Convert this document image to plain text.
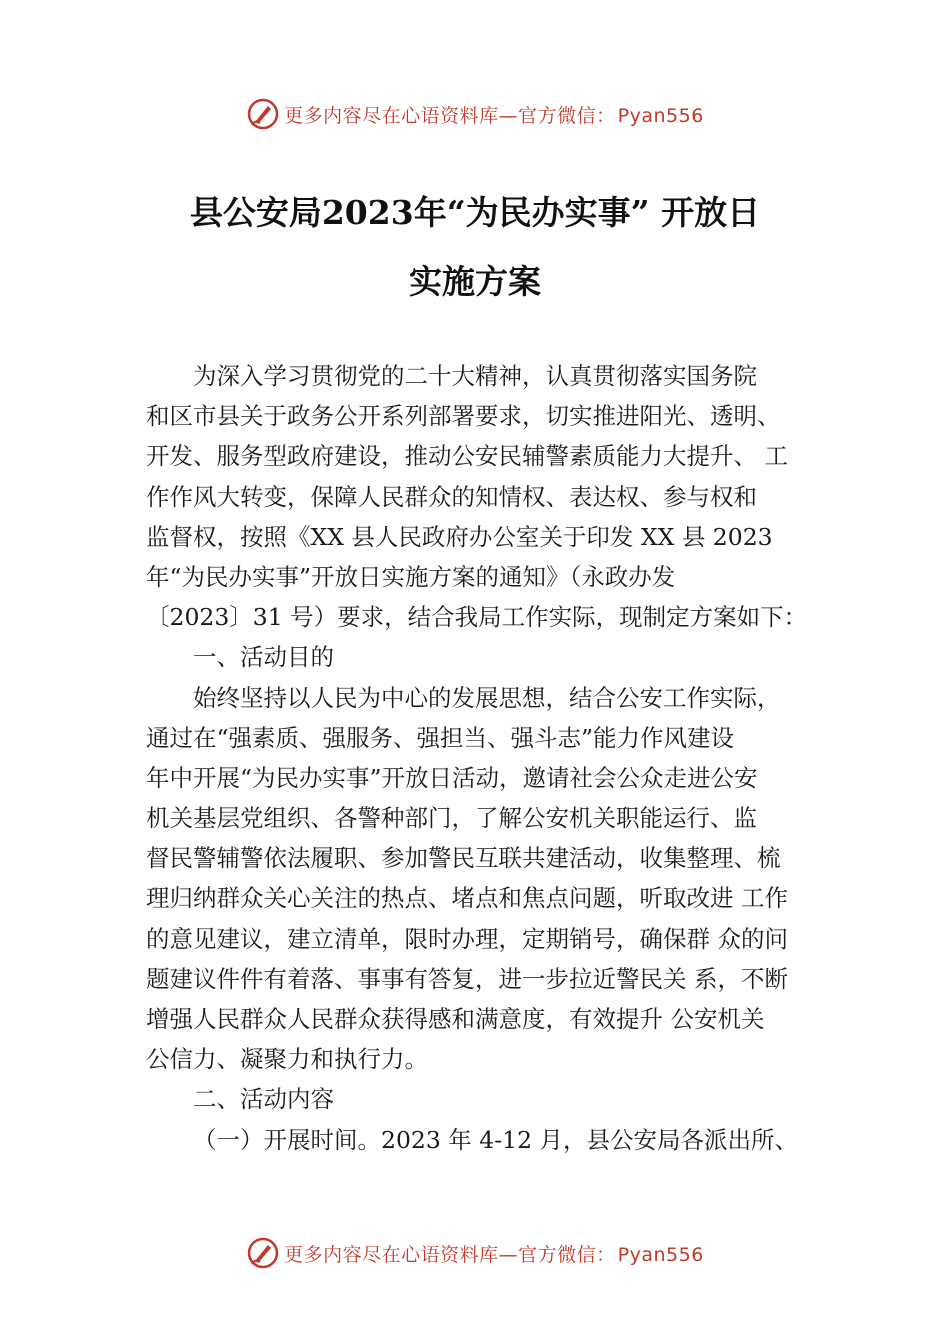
更多内容尽在心语资料库—官方微信： Pyan556
县公安局2023年“为民办实事” 开放日
实施方案
为深入学习贯彻党的二十大精神，认真贯彻落实国务院
和区市县关于政务公开系列部署要求，切实推进阳光、透明、
开发、服务型政府建设，推动公安民辅警素质能力大提升、 工
作作风大转变，保障人民群众的知情权、表达权、参与权和
监督权，按照《XX 县人民政府办公室关于印发 XX 县 2023
年“为民办实事”开放日实施方案的通知》（永政办发
〔2023〕31 号）要求，结合我局工作实际，现制定方案如下：
一、活动目的
始终坚持以人民为中心的发展思想，结合公安工作实际，
通过在“强素质、强服务、强担当、强斗志”能力作风建设
年中开展“为民办实事”开放日活动，邀请社会公众走进公安
机关基层党组织、各警种部门，了解公安机关职能运行、监
督民警辅警依法履职、参加警民互联共建活动，收集整理、梳
理归纳群众关心关注的热点、堵点和焦点问题，听取改进 工作
的意见建议，建立清单，限时办理，定期销号，确保群 众的问
题建议件件有着落、事事有答复，进一步拉近警民关 系，不断
增强人民群众人民群众获得感和满意度，有效提升 公安机关
公信力、凝聚力和执行力。
二、活动内容
（一）开展时间。2023 年 4-12 月，县公安局各派出所、
更多内容尽在心语资料库—官方微信： Pyan556
